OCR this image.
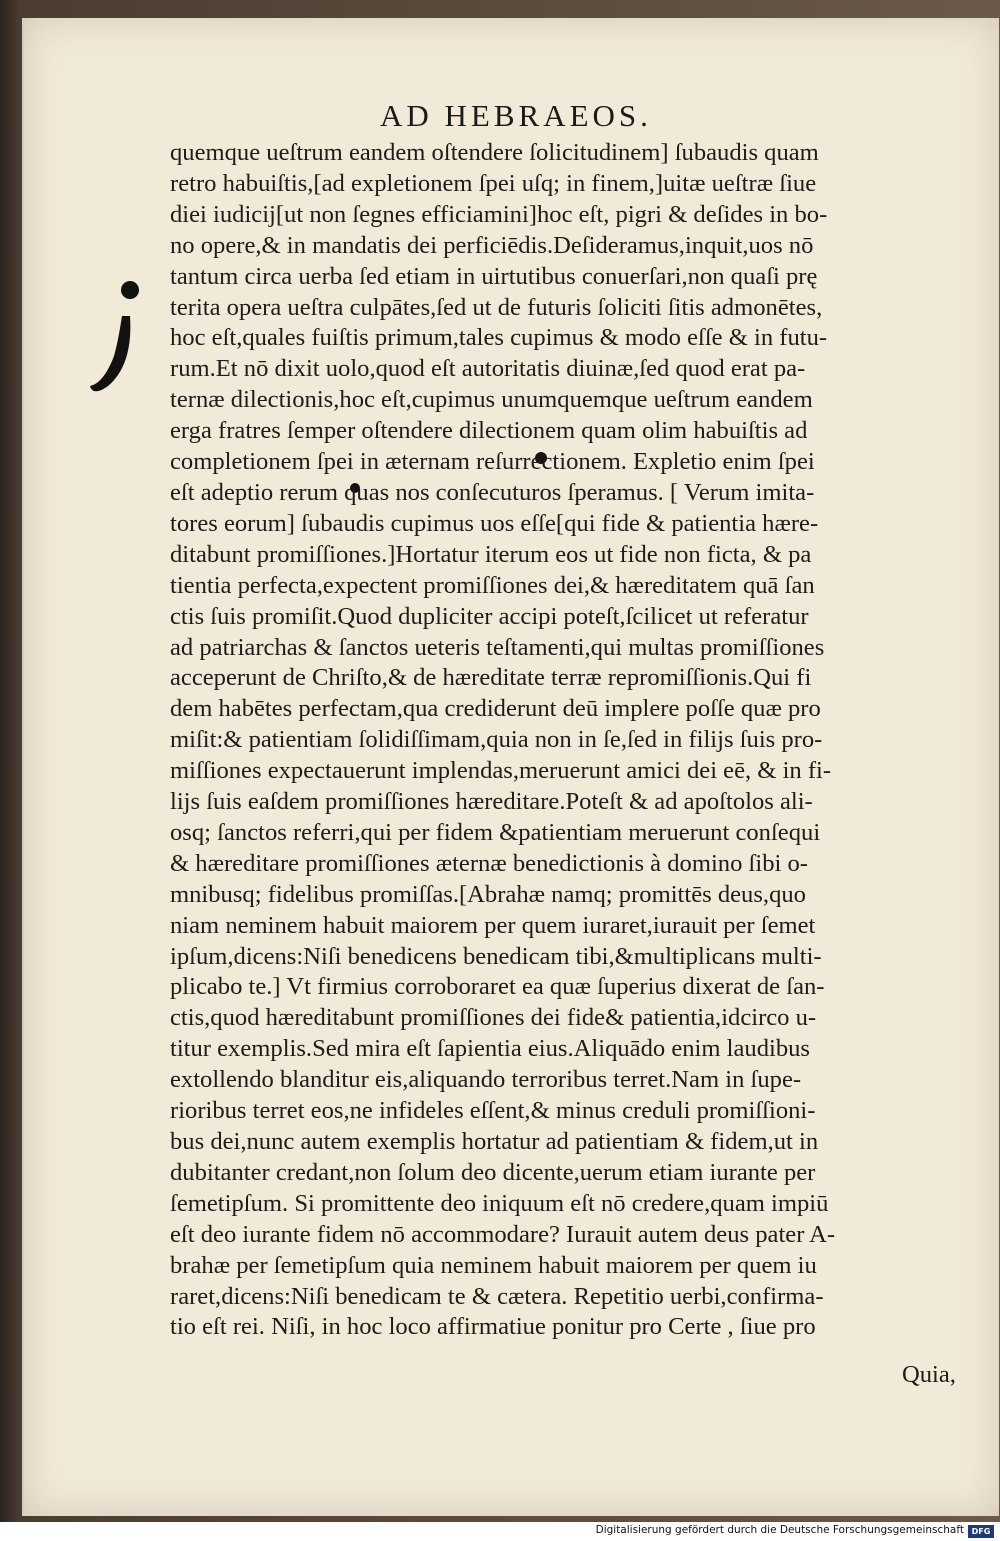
AD HEBRAEOS.
quemque ueſtrum eandem oſtendere ſolicitudinem] ſubaudis quam
retro habuiſtis,[ad expletionem ſpei uſq; in finem,]uitæ ueſtræ ſiue
diei iudicij[ut non ſegnes efficiamini]hoc eſt, pigri & deſides in bo-
no opere,& in mandatis dei perficiēdis.Deſideramus,inquit,uos nō
tantum circa uerba ſed etiam in uirtutibus conuerſari,non quaſi prę
terita opera ueſtra culpātes,ſed ut de futuris ſoliciti ſitis admonētes,
hoc eſt,quales fuiſtis primum,tales cupimus & modo eſſe & in futu-
rum.Et nō dixit uolo,quod eſt autoritatis diuinæ,ſed quod erat pa-
ternæ dilectionis,hoc eſt,cupimus unumquemque ueſtrum eandem
erga fratres ſemper oſtendere dilectionem quam olim habuiſtis ad
completionem ſpei in æternam reſurrectionem. Expletio enim ſpei
eſt adeptio rerum quas nos conſecuturos ſperamus. [ Verum imita-
tores eorum] ſubaudis cupimus uos eſſe[qui fide & patientia hære-
ditabunt promiſſiones.]Hortatur iterum eos ut fide non ficta, & pa
tientia perfecta,expectent promiſſiones dei,& hæreditatem quā ſan
ctis ſuis promiſit.Quod dupliciter accipi poteſt,ſcilicet ut referatur
ad patriarchas & ſanctos ueteris teſtamenti,qui multas promiſſiones
acceperunt de Chriſto,& de hæreditate terræ repromiſſionis.Qui fi
dem habētes perfectam,qua crediderunt deū implere poſſe quæ pro
miſit:& patientiam ſolidiſſimam,quia non in ſe,ſed in filijs ſuis pro-
miſſiones expectauerunt implendas,meruerunt amici dei eē, & in fi-
lijs ſuis eaſdem promiſſiones hæreditare.Poteſt & ad apoſtolos ali-
osq; ſanctos referri,qui per fidem &patientiam meruerunt conſequi
& hæreditare promiſſiones æternæ benedictionis à domino ſibi o-
mnibusq; fidelibus promiſſas.[Abrahæ namq; promittēs deus,quo
niam neminem habuit maiorem per quem iuraret,iurauit per ſemet
ipſum,dicens:Niſi benedicens benedicam tibi,&multiplicans multi-
plicabo te.] Vt firmius corroboraret ea quæ ſuperius dixerat de ſan-
ctis,quod hæreditabunt promiſſiones dei fide& patientia,idcirco u-
titur exemplis.Sed mira eſt ſapientia eius.Aliquādo enim laudibus
extollendo blanditur eis,aliquando terroribus terret.Nam in ſupe-
rioribus terret eos,ne infideles eſſent,& minus creduli promiſſioni-
bus dei,nunc autem exemplis hortatur ad patientiam & fidem,ut in
dubitanter credant,non ſolum deo dicente,uerum etiam iurante per
ſemetipſum. Si promittente deo iniquum eſt nō credere,quam impiū
eſt deo iurante fidem nō accommodare? Iurauit autem deus pater A-
brahæ per ſemetipſum quia neminem habuit maiorem per quem iu
raret,dicens:Niſi benedicam te & cætera. Repetitio uerbi,confirma-
tio eſt rei. Niſi, in hoc loco affirmatiue ponitur pro Certe , ſiue pro
Quia,
Digitalisierung gefördert durch die Deutsche Forschungsgemeinschaft DFG
